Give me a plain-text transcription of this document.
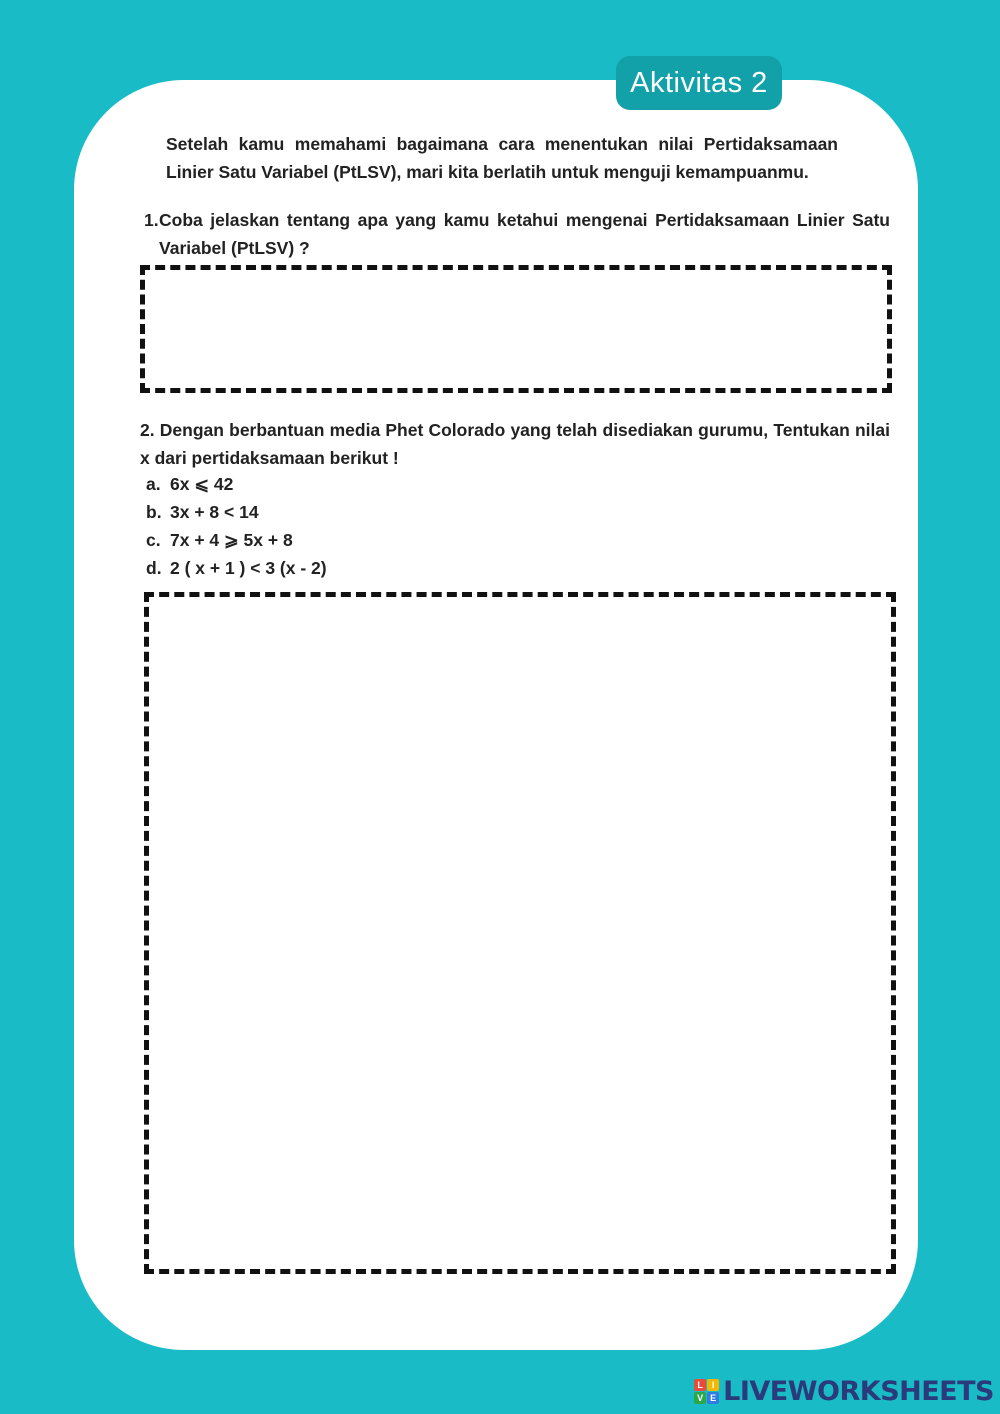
Aktivitas 2
Setelah kamu memahami bagaimana cara menentukan nilai Pertidaksamaan Linier Satu Variabel (PtLSV), mari kita berlatih untuk menguji kemampuanmu.
1. Coba jelaskan tentang apa yang kamu ketahui mengenai Pertidaksamaan Linier Satu Variabel (PtLSV) ?
2. Dengan berbantuan media Phet Colorado yang telah disediakan gurumu, Tentukan nilai x dari pertidaksamaan berikut !
a. 6x ⩽ 42
b. 3x + 8 < 14
c. 7x + 4 ⩾ 5x + 8
d. 2 ( x + 1 ) < 3 (x - 2)
L I
V E LIVEWORKSHEETS
